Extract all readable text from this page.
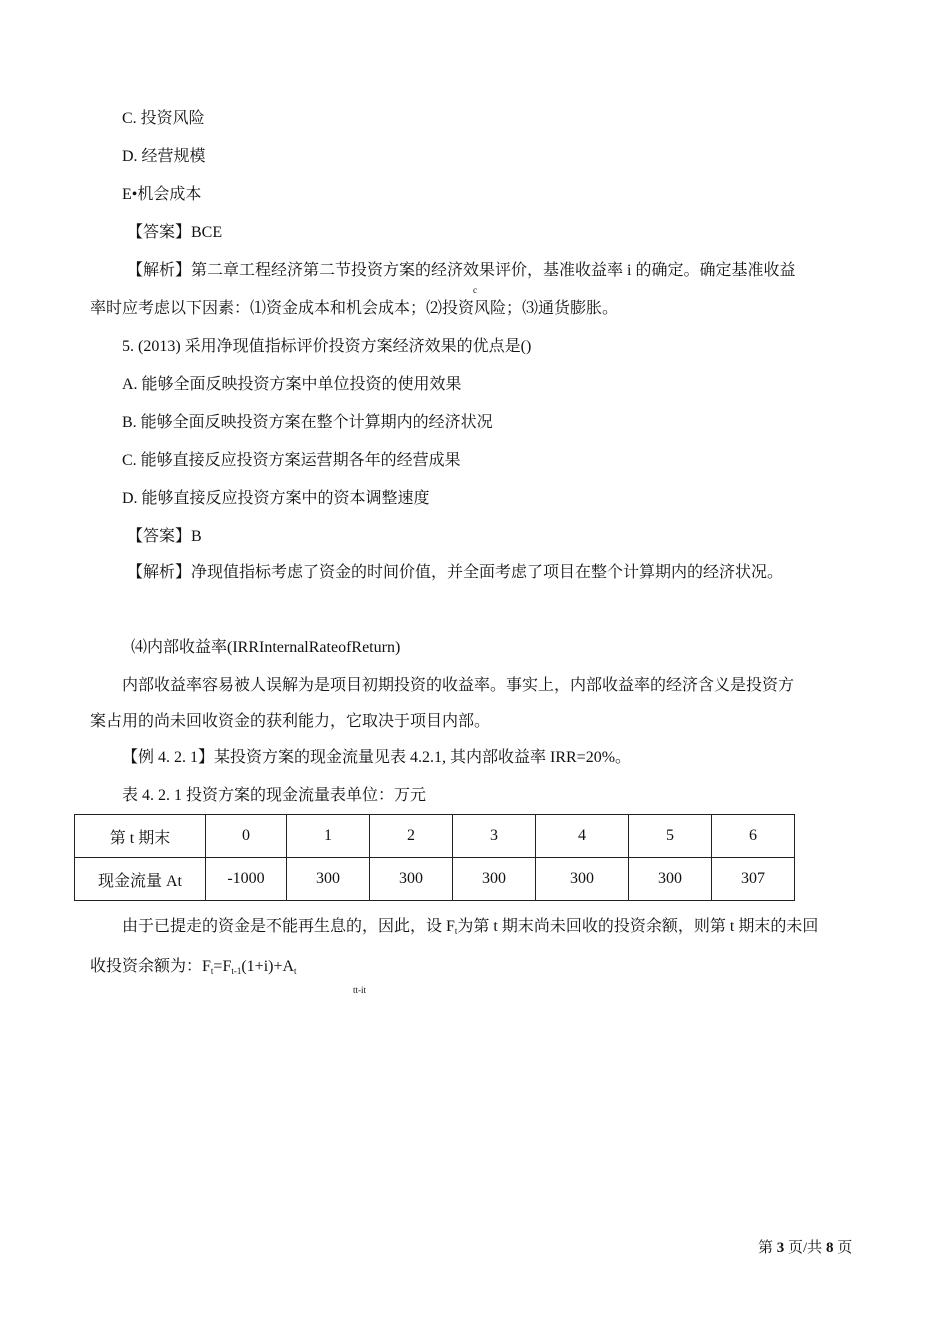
C. 投资风险
D. 经营规模
E•机会成本
【答案】BCE
【解析】第二章工程经济第二节投资方案的经济效果评价，基准收益率 i 的确定。确定基准收益
c
率时应考虑以下因素：⑴资金成本和机会成本；⑵投资风险；⑶通货膨胀。
5. (2013) 采用净现值指标评价投资方案经济效果的优点是()
A. 能够全面反映投资方案中单位投资的使用效果
B. 能够全面反映投资方案在整个计算期内的经济状况
C. 能够直接反应投资方案运营期各年的经营成果
D. 能够直接反应投资方案中的资本调整速度
【答案】B
【解析】净现值指标考虑了资金的时间价值，并全面考虑了项目在整个计算期内的经济状况。
⑷内部收益率(IRRInternalRateofReturn)
内部收益率容易被人误解为是项目初期投资的收益率。事实上，内部收益率的经济含义是投资方
案占用的尚未回收资金的获利能力，它取决于项目内部。
【例 4. 2. 1】某投资方案的现金流量见表 4.2.1, 其内部收益率 IRR=20%。
表 4. 2. 1 投资方案的现金流量表单位：万元
第 t 期末	0	1	2	3	4	5	6
现金流量 At	-1000	300	300	300	300	300	307
由于已提走的资金是不能再生息的，因此，设 $F_t$为第 t 期末尚未回收的投资余额，则第 t 期末的未回
收投资余额为：$F_t=F_{t-1}(1+i)+A_t$
tt-it
第 3 页/共 8 页
